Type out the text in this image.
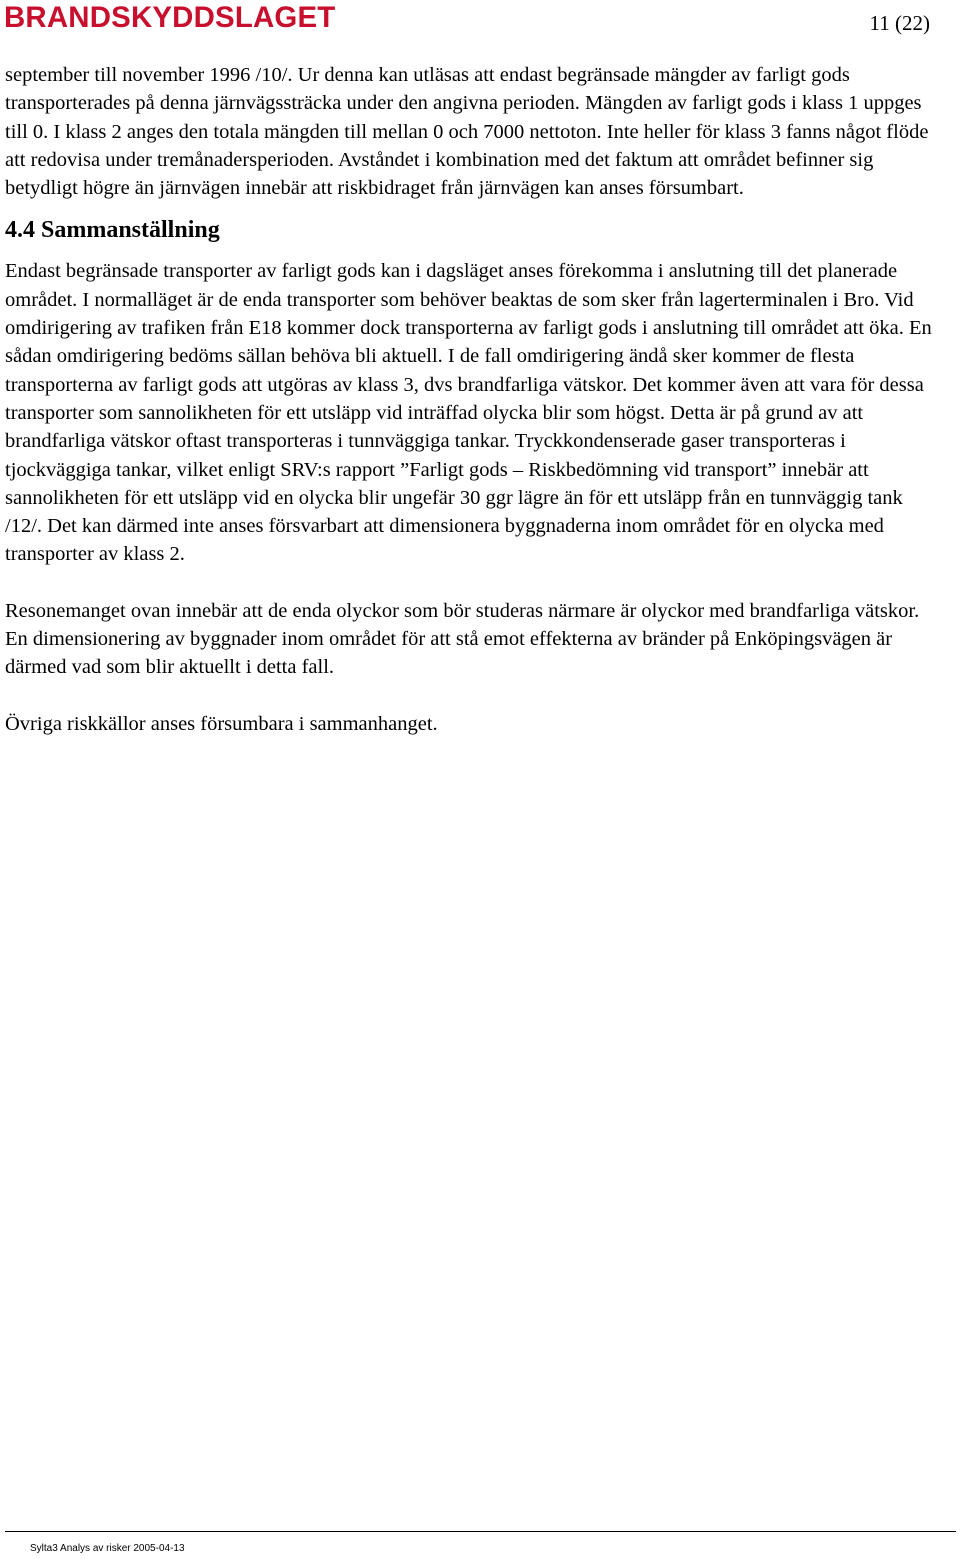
BRANDSKYDDSLAGET	11 (22)

september till november 1996 /10/. Ur denna kan utläsas att endast begränsade mängder av farligt gods transporterades på denna järnvägssträcka under den angivna perioden. Mängden av farligt gods i klass 1 uppges till 0. I klass 2 anges den totala mängden till mellan 0 och 7000 nettoton. Inte heller för klass 3 fanns något flöde att redovisa under tremånadersperioden. Avståndet i kombination med det faktum att området befinner sig betydligt högre än järnvägen innebär att riskbidraget från järnvägen kan anses försumbart.

4.4 Sammanställning

Endast begränsade transporter av farligt gods kan i dagsläget anses förekomma i anslutning till det planerade området. I normalläget är de enda transporter som behöver beaktas de som sker från lagerterminalen i Bro. Vid omdirigering av trafiken från E18 kommer dock transporterna av farligt gods i anslutning till området att öka. En sådan omdirigering bedöms sällan behöva bli aktuell. I de fall omdirigering ändå sker kommer de flesta transporterna av farligt gods att utgöras av klass 3, dvs brandfarliga vätskor. Det kommer även att vara för dessa transporter som sannolikheten för ett utsläpp vid inträffad olycka blir som högst. Detta är på grund av att brandfarliga vätskor oftast transporteras i tunnväggiga tankar. Tryckkondenserade gaser transporteras i tjockväggiga tankar, vilket enligt SRV:s rapport ”Farligt gods – Riskbedömning vid transport” innebär att sannolikheten för ett utsläpp vid en olycka blir ungefär 30 ggr lägre än för ett utsläpp från en tunnväggig tank /12/. Det kan därmed inte anses försvarbart att dimensionera byggnaderna inom området för en olycka med transporter av klass 2.

Resonemanget ovan innebär att de enda olyckor som bör studeras närmare är olyckor med brandfarliga vätskor. En dimensionering av byggnader inom området för att stå emot effekterna av bränder på Enköpingsvägen är därmed vad som blir aktuellt i detta fall.

Övriga riskkällor anses försumbara i sammanhanget.

Sylta3 Analys av risker 2005-04-13
